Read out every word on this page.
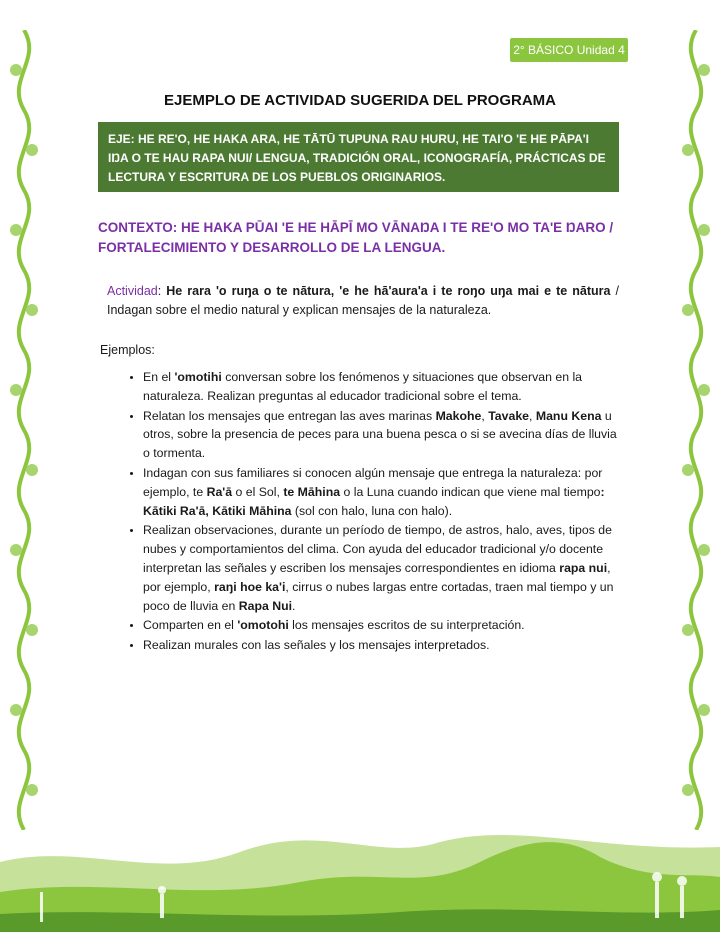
2° BÁSICO Unidad 4
EJEMPLO DE ACTIVIDAD SUGERIDA DEL PROGRAMA
EJE: HE RE'O, HE HAKA ARA, HE TĀTŪ TUPUNA RAU HURU, HE TAI'O 'E HE PĀPA'I IŊA O TE HAU RAPA NUI/ LENGUA, TRADICIÓN ORAL, ICONOGRAFÍA, PRÁCTICAS DE LECTURA Y ESCRITURA DE LOS PUEBLOS ORIGINARIOS.
CONTEXTO: HE HAKA PŪAI 'E HE HĀPĪ MO VĀNAŊA I TE RE'O MO TA'E ŊARO / FORTALECIMIENTO Y DESARROLLO DE LA LENGUA.
Actividad: He rara 'o ruŋa o te nātura, 'e he hā'aura'a i te roŋo uŋa mai e te nātura / Indagan sobre el medio natural y explican mensajes de la naturaleza.
Ejemplos:
• En el 'omotihi conversan sobre los fenómenos y situaciones que observan en la naturaleza. Realizan preguntas al educador tradicional sobre el tema.
• Relatan los mensajes que entregan las aves marinas Makohe, Tavake, Manu Kena u otros, sobre la presencia de peces para una buena pesca o si se avecina días de lluvia o tormenta.
• Indagan con sus familiares si conocen algún mensaje que entrega la naturaleza: por ejemplo, te Ra'ā o el Sol, te Māhina o la Luna cuando indican que viene mal tiempo: Kātiki Ra'ā, Kātiki Māhina (sol con halo, luna con halo).
• Realizan observaciones, durante un período de tiempo, de astros, halo, aves, tipos de nubes y comportamientos del clima. Con ayuda del educador tradicional y/o docente interpretan las señales y escriben los mensajes correspondientes en idioma rapa nui, por ejemplo, raŋi hoe ka'i, cirrus o nubes largas entre cortadas, traen mal tiempo y un poco de lluvia en Rapa Nui.
• Comparten en el 'omotohi los mensajes escritos de su interpretación.
• Realizan murales con las señales y los mensajes interpretados.
